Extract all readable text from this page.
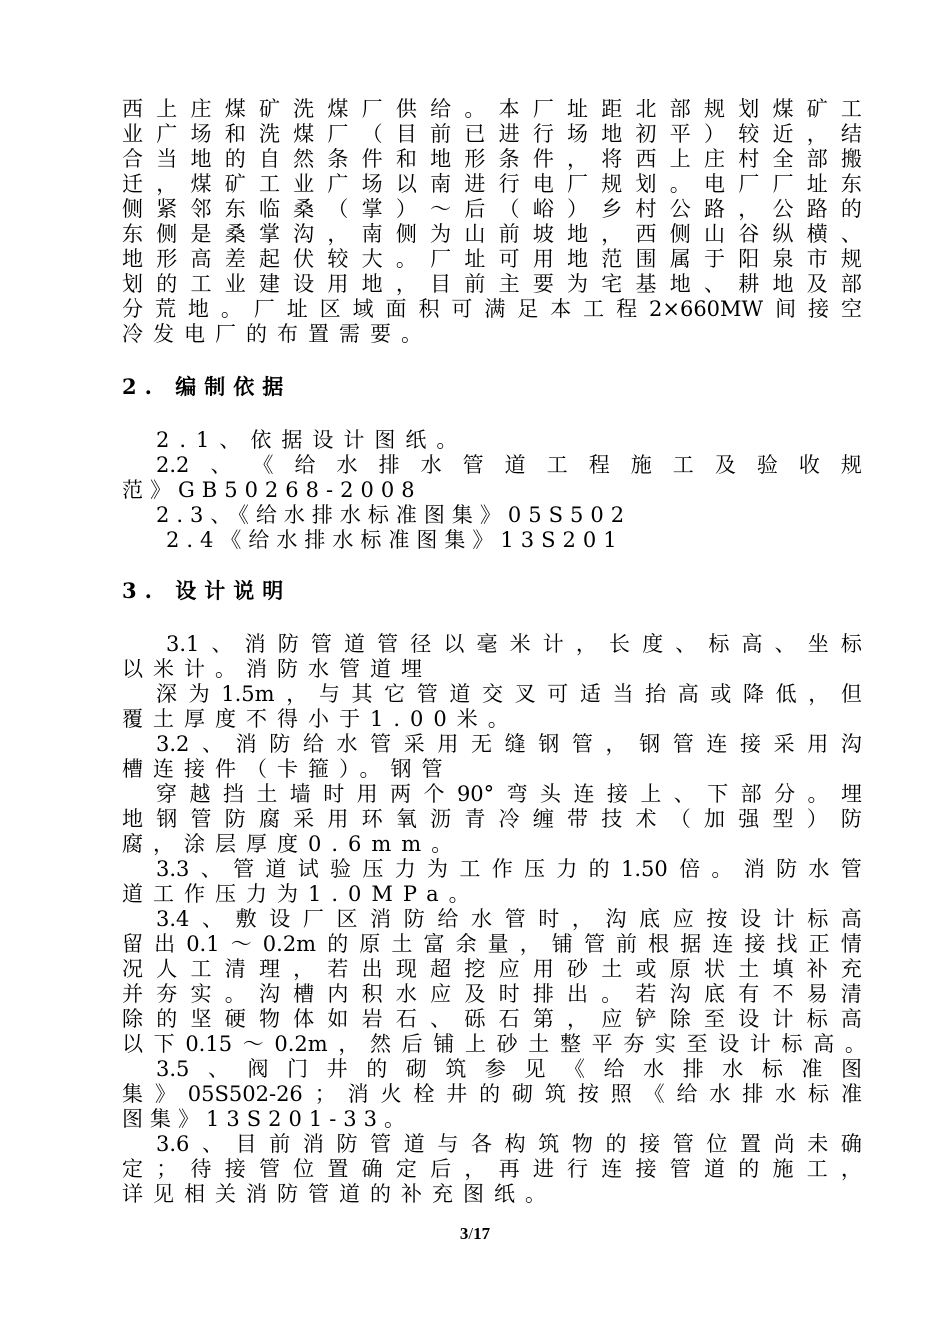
西 上 庄 煤 矿 洗 煤 厂 供 给 。 本 厂 址 距 北 部 规 划 煤 矿 工
业 广 场 和 洗 煤 厂 （ 目 前 已 进 行 场 地 初 平 ） 较 近 ， 结
合 当 地 的 自 然 条 件 和 地 形 条 件 ， 将 西 上 庄 村 全 部 搬
迁 ， 煤 矿 工 业 广 场 以 南 进 行 电 厂 规 划 。 电 厂 厂 址 东
侧 紧 邻 东 临 桑 （ 掌 ） ～ 后 （ 峪 ） 乡 村 公 路 ， 公 路 的
东 侧 是 桑 掌 沟 ， 南 侧 为 山 前 坡 地 ， 西 侧 山 谷 纵 横 、
地 形 高 差 起 伏 较 大 。 厂 址 可 用 地 范 围 属 于 阳 泉 市 规
划 的 工 业 建 设 用 地 ， 目 前 主 要 为 宅 基 地 、 耕 地 及 部
分 荒 地 。 厂 址 区 域 面 积 可 满 足 本 工 程 2×660MW 间 接 空
冷发电厂的布置需要。
2. 编制依据
2.1、依据设计图纸。
2.2 、 《 给 水 排 水 管 道 工 程 施 工 及 验 收 规
范》GB50268-2008
2.3、《给水排水标准图集》05S502
2.4《给水排水标准图集》13S201
3. 设计说明
3.1 、 消 防 管 道 管 径 以 毫 米 计 ， 长 度 、 标 高 、 坐 标
以米计。消防水管道埋
深 为 1.5m ， 与 其 它 管 道 交 叉 可 适 当 抬 高 或 降 低 ， 但
覆土厚度不得小于1.00米。
3.2 、 消 防 给 水 管 采 用 无 缝 钢 管 ， 钢 管 连 接 采 用 沟
槽连接件（卡箍）。钢管
穿 越 挡 土 墙 时 用 两 个 90° 弯 头 连 接 上 、 下 部 分 。 埋
地 钢 管 防 腐 采 用 环 氧 沥 青 冷 缠 带 技 术 （ 加 强 型 ） 防
腐，涂层厚度0.6mm。
3.3 、 管 道 试 验 压 力 为 工 作 压 力 的 1.50 倍 。 消 防 水 管
道工作压力为1.0MPa。
3.4 、 敷 设 厂 区 消 防 给 水 管 时 ， 沟 底 应 按 设 计 标 高
留 出 0.1 ～ 0.2m 的 原 土 富 余 量 ， 铺 管 前 根 据 连 接 找 正 情
况 人 工 清 理 ， 若 出 现 超 挖 应 用 砂 土 或 原 状 土 填 补 充
并 夯 实 。 沟 槽 内 积 水 应 及 时 排 出 。 若 沟 底 有 不 易 清
除 的 坚 硬 物 体 如 岩 石 、 砾 石 第 ， 应 铲 除 至 设 计 标 高
以 下 0.15 ～ 0.2m ， 然 后 铺 上 砂 土 整 平 夯 实 至 设 计 标 高 。
3.5 、 阀 门 井 的 砌 筑 参 见 《 给 水 排 水 标 准 图
集 》 05S502-26 ； 消 火 栓 井 的 砌 筑 按 照 《 给 水 排 水 标 准
图集》13S201-33。
3.6 、 目 前 消 防 管 道 与 各 构 筑 物 的 接 管 位 置 尚 未 确
定 ； 待 接 管 位 置 确 定 后 ， 再 进 行 连 接 管 道 的 施 工 ，
详见相关消防管道的补充图纸。
3/17
